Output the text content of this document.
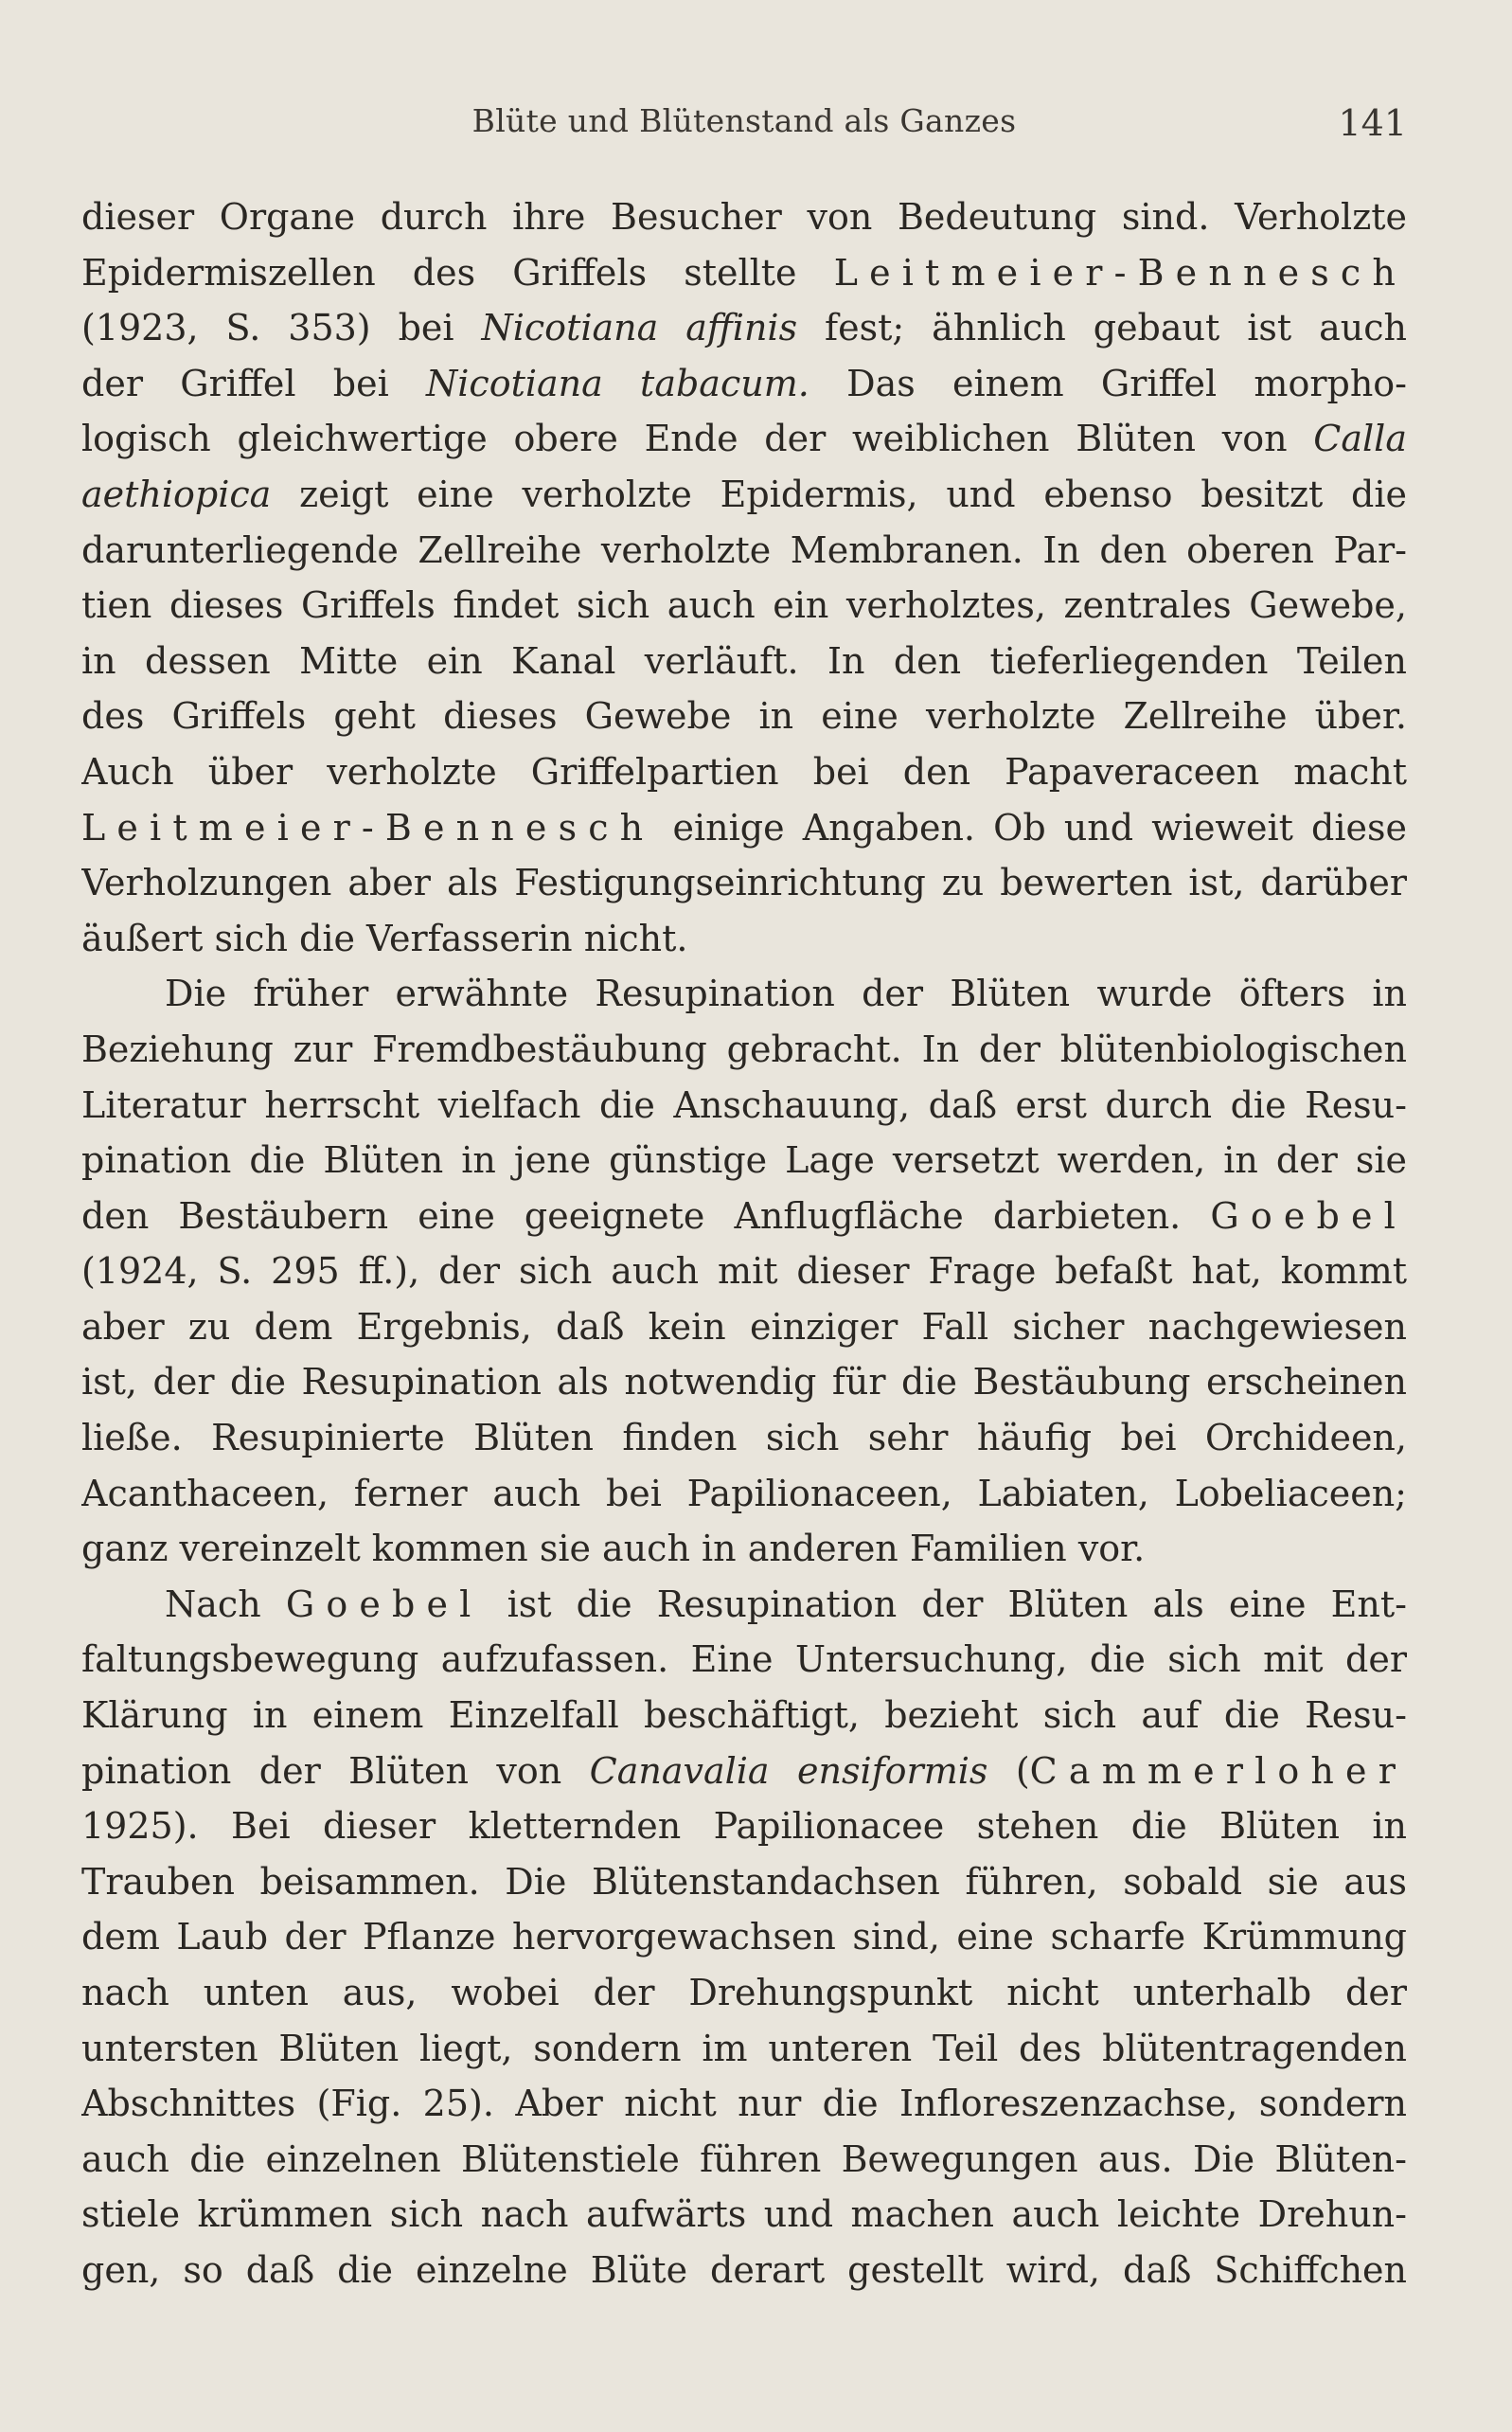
Blüte und Blütenstand als Ganzes	141
dieser Organe durch ihre Besucher von Bedeutung sind. Verholzte
Epidermiszellen des Griffels stellte Leitmeier-Bennesch
(1923, S. 353) bei Nicotiana affinis fest; ähnlich gebaut ist auch
der Griffel bei Nicotiana tabacum. Das einem Griffel morpho-
logisch gleichwertige obere Ende der weiblichen Blüten von Calla
aethiopica zeigt eine verholzte Epidermis, und ebenso besitzt die
darunterliegende Zellreihe verholzte Membranen. In den oberen Par-
tien dieses Griffels findet sich auch ein verholztes, zentrales Gewebe,
in dessen Mitte ein Kanal verläuft. In den tieferliegenden Teilen
des Griffels geht dieses Gewebe in eine verholzte Zellreihe über.
Auch über verholzte Griffelpartien bei den Papaveraceen macht
Leitmeier-Bennesch einige Angaben. Ob und wieweit diese
Verholzungen aber als Festigungseinrichtung zu bewerten ist, darüber
äußert sich die Verfasserin nicht.
Die früher erwähnte Resupination der Blüten wurde öfters in
Beziehung zur Fremdbestäubung gebracht. In der blütenbiologischen
Literatur herrscht vielfach die Anschauung, daß erst durch die Resu-
pination die Blüten in jene günstige Lage versetzt werden, in der sie
den Bestäubern eine geeignete Anflugfläche darbieten. Goebel
(1924, S. 295 ff.), der sich auch mit dieser Frage befaßt hat, kommt
aber zu dem Ergebnis, daß kein einziger Fall sicher nachgewiesen
ist, der die Resupination als notwendig für die Bestäubung erscheinen
ließe. Resupinierte Blüten finden sich sehr häufig bei Orchideen,
Acanthaceen, ferner auch bei Papilionaceen, Labiaten, Lobeliaceen;
ganz vereinzelt kommen sie auch in anderen Familien vor.
Nach Goebel ist die Resupination der Blüten als eine Ent-
faltungsbewegung aufzufassen. Eine Untersuchung, die sich mit der
Klärung in einem Einzelfall beschäftigt, bezieht sich auf die Resu-
pination der Blüten von Canavalia ensiformis (Cammerloher
1925). Bei dieser kletternden Papilionacee stehen die Blüten in
Trauben beisammen. Die Blütenstandachsen führen, sobald sie aus
dem Laub der Pflanze hervorgewachsen sind, eine scharfe Krümmung
nach unten aus, wobei der Drehungspunkt nicht unterhalb der
untersten Blüten liegt, sondern im unteren Teil des blütentragenden
Abschnittes (Fig. 25). Aber nicht nur die Infloreszenzachse, sondern
auch die einzelnen Blütenstiele führen Bewegungen aus. Die Blüten-
stiele krümmen sich nach aufwärts und machen auch leichte Drehun-
gen, so daß die einzelne Blüte derart gestellt wird, daß Schiffchen
